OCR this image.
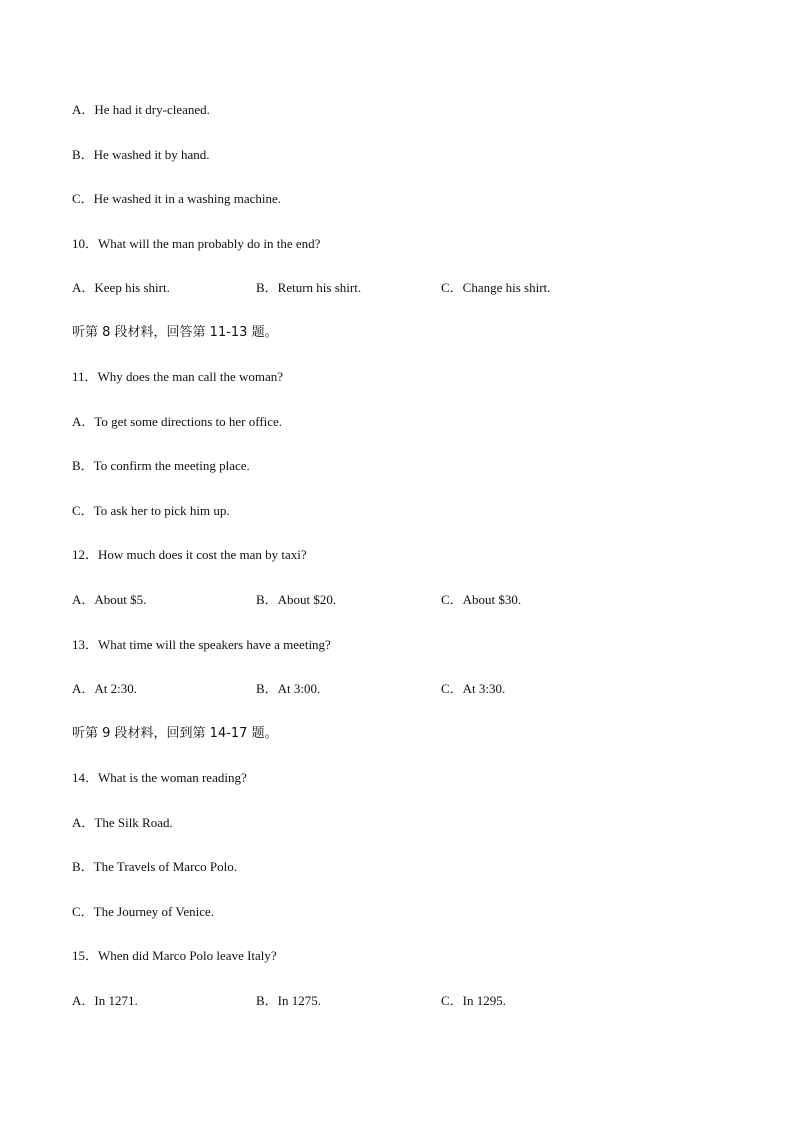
A．He had it dry-cleaned.
B．He washed it by hand.
C．He washed it in a washing machine.
10．What will the man probably do in the end?
A．Keep his shirt.	B．Return his shirt.	C．Change his shirt.
听第 8 段材料，回答第 11-13 题。
11．Why does the man call the woman?
A．To get some directions to her office.
B．To confirm the meeting place.
C．To ask her to pick him up.
12．How much does it cost the man by taxi?
A．About $5.	B．About $20.	C．About $30.
13．What time will the speakers have a meeting?
A．At 2:30.	B．At 3:00.	C．At 3:30.
听第 9 段材料，回到第 14-17 题。
14．What is the woman reading?
A．The Silk Road.
B．The Travels of Marco Polo.
C．The Journey of Venice.
15．When did Marco Polo leave Italy?
A．In 1271.	B．In 1275.	C．In 1295.
